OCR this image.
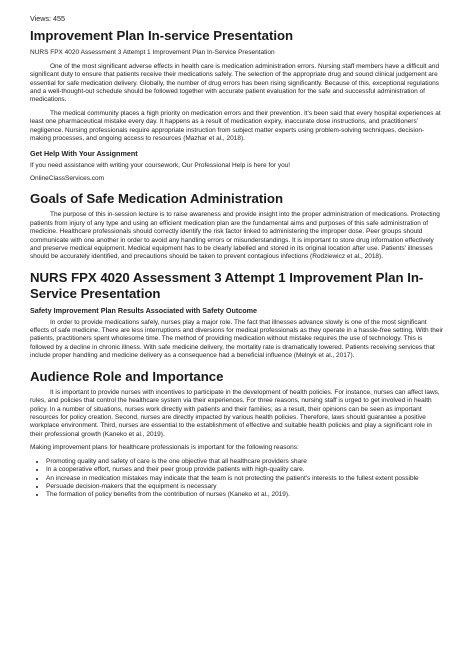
Views: 455

Improvement Plan In-service Presentation

NURS FPX 4020 Assessment 3 Attempt 1 Improvement Plan In-Service Presentation

One of the most significant adverse effects in health care is medication administration errors. Nursing staff members have a difficult and significant duty to ensure that patients receive their medications safely. The selection of the appropriate drug and sound clinical judgement are essential for safe medication delivery. Globally, the number of drug errors has been rising significantly. Because of this, exceptional regulations and a well-thought-out schedule should be followed together with accurate patient evaluation for the safe and successful administration of medications.

The medical community places a high priority on medication errors and their prevention. It's been said that every hospital experiences at least one pharmaceutical mistake every day. It happens as a result of medication expiry, inaccurate dose instructions, and practitioners' negligence. Nursing professionals require appropriate instruction from subject matter experts using problem-solving techniques, decision-making processes, and ongoing access to resources (Mazhar et al., 2018).

Get Help With Your Assignment

If you need assistance with writing your coursework, Our Professional Help is here for you!

OnlineClassServices.com

Goals of Safe Medication Administration

The purpose of this in-session lecture is to raise awareness and provide insight into the proper administration of medications. Protecting patients from injury of any type and using an efficient medication plan are the fundamental aims and purposes of this safe administration of medicine. Healthcare professionals should correctly identify the risk factor linked to administering the improper dose. Peer groups should communicate with one another in order to avoid any handling errors or misunderstandings. It is important to store drug information effectively and preserve medical equipment. Medical equipment has to be clearly labelled and stored in its original location after use. Patients' illnesses should be accurately identified, and precautions should be taken to prevent contagious infections (Rodziewicz et al., 2018).

NURS FPX 4020 Assessment 3 Attempt 1 Improvement Plan In-Service Presentation
Safety Improvement Plan Results Associated with Safety Outcome

In order to provide medications safely, nurses play a major role. The fact that illnesses advance slowly is one of the most significant effects of safe medicine. There are less interruptions and diversions for medical professionals as they operate in a hassle-free setting. With their patients, practitioners spent wholesome time. The method of providing medication without mistake requires the use of technology. This is followed by a decline in chronic illness. With safe medicine delivery, the mortality rate is dramatically lowered. Patients receiving services that include proper handling and medicine delivery as a consequence had a beneficial influence (Melnyk et al., 2017).

Audience Role and Importance

It is important to provide nurses with incentives to participate in the development of health policies. For instance, nurses can affect laws, rules, and policies that control the healthcare system via their experiences. For three reasons, nursing staff is urged to get involved in health policy. In a number of situations, nurses work directly with patients and their families; as a result, their opinions can be seen as important resources for policy creation. Second, nurses are directly impacted by various health policies. Therefore, laws should guarantee a positive workplace environment. Third, nurses are essential to the establishment of effective and suitable health policies and play a significant role in their professional growth (Kaneko et al., 2019).

Making improvement plans for healthcare professionals is important for the following reasons:

• Promoting quality and safety of care is the one objective that all healthcare providers share
• In a cooperative effort, nurses and their peer group provide patients with high-quality care.
• An increase in medication mistakes may indicate that the team is not protecting the patient's interests to the fullest extent possible
• Persuade decision-makers that the equipment is necessary
• The formation of policy benefits from the contribution of nurses (Kaneko et al., 2019).
